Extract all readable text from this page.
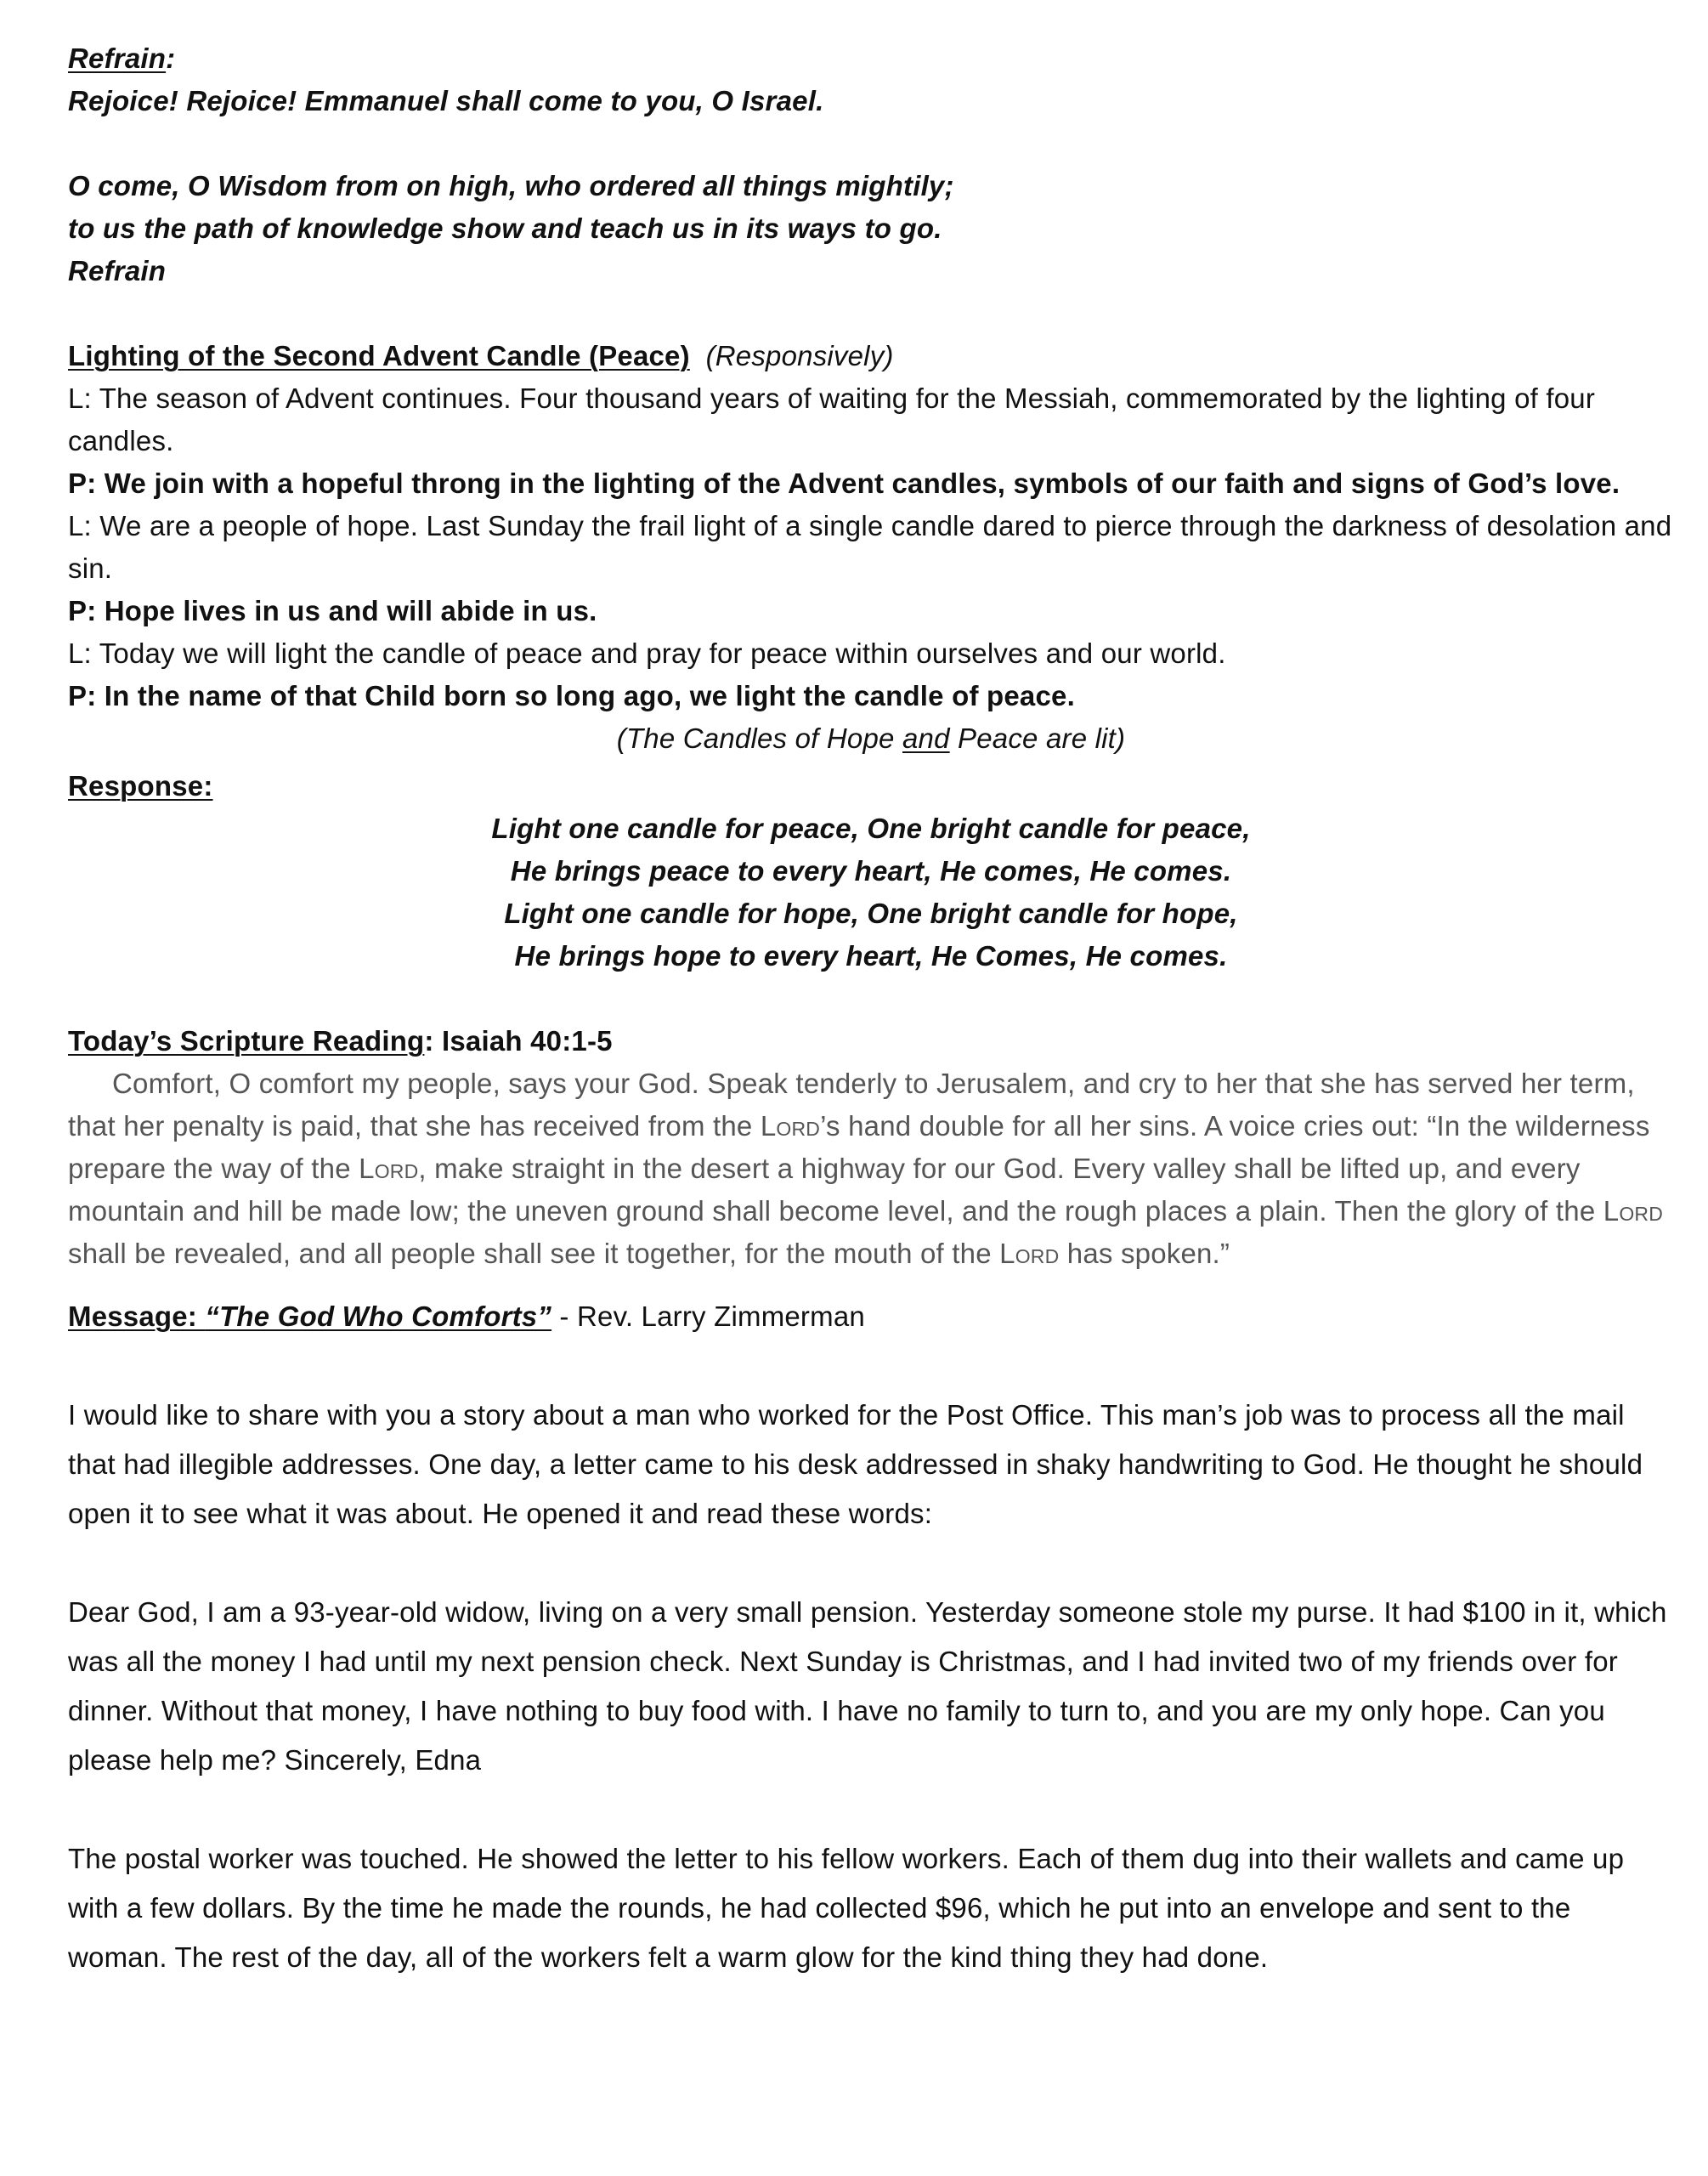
Refrain:

Rejoice! Rejoice! Emmanuel shall come to you, O Israel.

O come, O Wisdom from on high, who ordered all things mightily;

to us the path of knowledge show and teach us in its ways to go.

Refrain

Lighting of the Second Advent Candle (Peace) (Responsively)

L: The season of Advent continues. Four thousand years of waiting for the Messiah, commemorated by the lighting of four candles.

P: We join with a hopeful throng in the lighting of the Advent candles, symbols of our faith and signs of God’s love.

L: We are a people of hope. Last Sunday the frail light of a single candle dared to pierce through the darkness of desolation and sin.

P: Hope lives in us and will abide in us.

L: Today we will light the candle of peace and pray for peace within ourselves and our world.

P: In the name of that Child born so long ago, we light the candle of peace.

(The Candles of Hope and Peace are lit)

Response:

Light one candle for peace, One bright candle for peace,

He brings peace to every heart, He comes, He comes.

Light one candle for hope, One bright candle for hope,

He brings hope to every heart, He Comes, He comes.

Today’s Scripture Reading: Isaiah 40:1-5

Comfort, O comfort my people, says your God. Speak tenderly to Jerusalem, and cry to her that she has served her term, that her penalty is paid, that she has received from the Lord’s hand double for all her sins. A voice cries out: “In the wilderness prepare the way of the Lord, make straight in the desert a highway for our God. Every valley shall be lifted up, and every mountain and hill be made low; the uneven ground shall become level, and the rough places a plain. Then the glory of the Lord shall be revealed, and all people shall see it together, for the mouth of the Lord has spoken.”

Message: “The God Who Comforts” - Rev. Larry Zimmerman

I would like to share with you a story about a man who worked for the Post Office. This man’s job was to process all the mail that had illegible addresses. One day, a letter came to his desk addressed in shaky handwriting to God. He thought he should open it to see what it was about. He opened it and read these words:

Dear God, I am a 93-year-old widow, living on a very small pension. Yesterday someone stole my purse. It had $100 in it, which was all the money I had until my next pension check. Next Sunday is Christmas, and I had invited two of my friends over for dinner. Without that money, I have nothing to buy food with. I have no family to turn to, and you are my only hope. Can you please help me? Sincerely, Edna

The postal worker was touched. He showed the letter to his fellow workers. Each of them dug into their wallets and came up with a few dollars. By the time he made the rounds, he had collected $96, which he put into an envelope and sent to the woman. The rest of the day, all of the workers felt a warm glow for the kind thing they had done.
